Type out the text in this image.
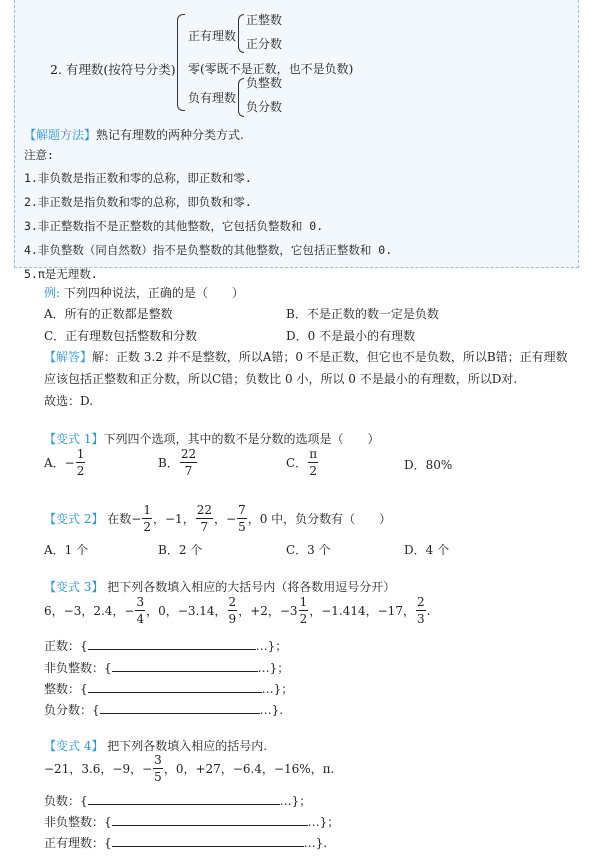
2. 有理数(按符号分类)
正有理数
正整数
正分数
零(零既不是正数，也不是负数)
负有理数
负整数
负分数
【解题方法】熟记有理数的两种分类方式.
注意:
1.非负数是指正数和零的总称，即正数和零.
2.非正数是指负数和零的总称，即负数和零.
3.非正整数指不是正整数的其他整数，它包括负整数和 0.
4.非负整数（同自然数）指不是负整数的其他整数，它包括正整数和 0.
5.π是无理数.
例: 下列四种说法，正确的是（　　）
A．所有的正数都是整数	B．不是正数的数一定是负数
C．正有理数包括整数和分数	D．0 不是最小的有理数
【解答】解：正数 3.2 并不是整数，所以A错；0 不是正数，但它也不是负数，所以B错；正有理数
应该包括正整数和正分数，所以C错；负数比 0 小，所以 0 不是最小的有理数，所以D对.
故选：D.
【变式 1】下列四个选项，其中的数不是分数的选项是（　　）
A． − $\frac{1}{2}$	B． $\frac{22}{7}$	C． $\frac{\pi}{2}$	D．80%
【变式 2】
在数 − $\frac{1}{2}$ ，−1， $\frac{22}{7}$ ， − $\frac{7}{5}$ ，0 中，负分数有（　　）
A．1 个	B．2 个	C．3 个	D．4 个
【变式 3】 把下列各数填入相应的大括号内（将各数用逗号分开）
6，−3，2.4， − $\frac{3}{4}$ ，0，−3.14， $\frac{2}{9}$ ，+2，$-3 \frac{1}{2}$ ，−1.414，−17， $\frac{2}{3}$ .
正数：{	…}；
非负整数：{	…}；
整数：{	…}；
负分数：{	…}.
【变式 4】 把下列各数填入相应的括号内.
−21，3.6，−9， − $\frac{3}{5}$ ，0，+27，−6.4，−16%，π.
负数：{	…}；
非负整数：{	…}；
正有理数：{	…}.
